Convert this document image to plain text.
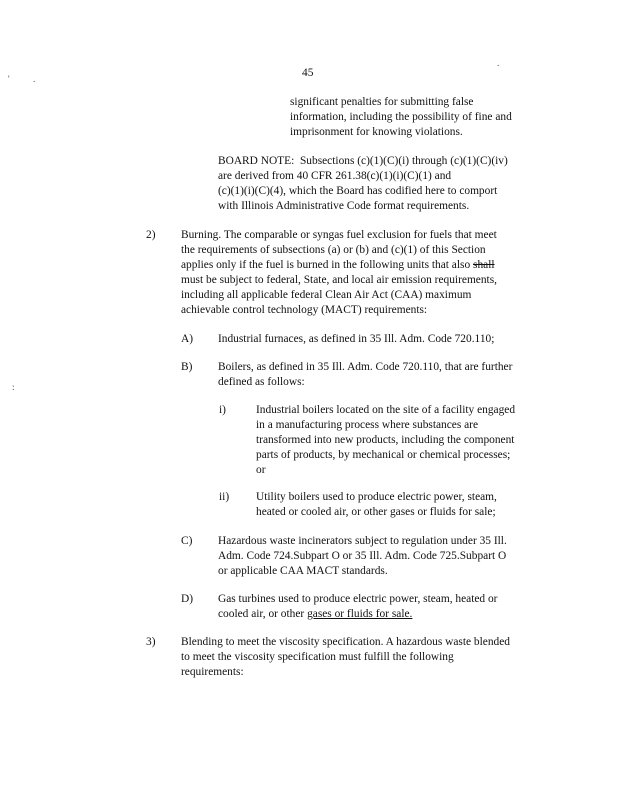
'	.
:
.
45
significant penalties for submitting false
information, including the possibility of fine and
imprisonment for knowing violations.
BOARD NOTE: Subsections (c)(1)(C)(i) through (c)(1)(C)(iv)
are derived from 40 CFR 261.38(c)(1)(i)(C)(1) and
(c)(1)(i)(C)(4), which the Board has codified here to comport
with Illinois Administrative Code format requirements.
2) Burning. The comparable or syngas fuel exclusion for fuels that meet
the requirements of subsections (a) or (b) and (c)(1) of this Section
applies only if the fuel is burned in the following units that also shall
must be subject to federal, State, and local air emission requirements,
including all applicable federal Clean Air Act (CAA) maximum
achievable control technology (MACT) requirements:
A) Industrial furnaces, as defined in 35 Ill. Adm. Code 720.110;
B) Boilers, as defined in 35 Ill. Adm. Code 720.110, that are further
defined as follows:
i)	Industrial boilers located on the site of a facility engaged
in a manufacturing process where substances are
transformed into new products, including the component
parts of products, by mechanical or chemical processes;
or
ii) Utility boilers used to produce electric power, steam,
heated or cooled air, or other gases or fluids for sale;
C) Hazardous waste incinerators subject to regulation under 35 Ill.
Adm. Code 724.Subpart O or 35 Ill. Adm. Code 725.Subpart O
or applicable CAA MACT standards.
D) Gas turbines used to produce electric power, steam, heated or
cooled air, or other gases or fluids for sale.
3) Blending to meet the viscosity specification. A hazardous waste blended
to meet the viscosity specification must fulfill the following
requirements:
